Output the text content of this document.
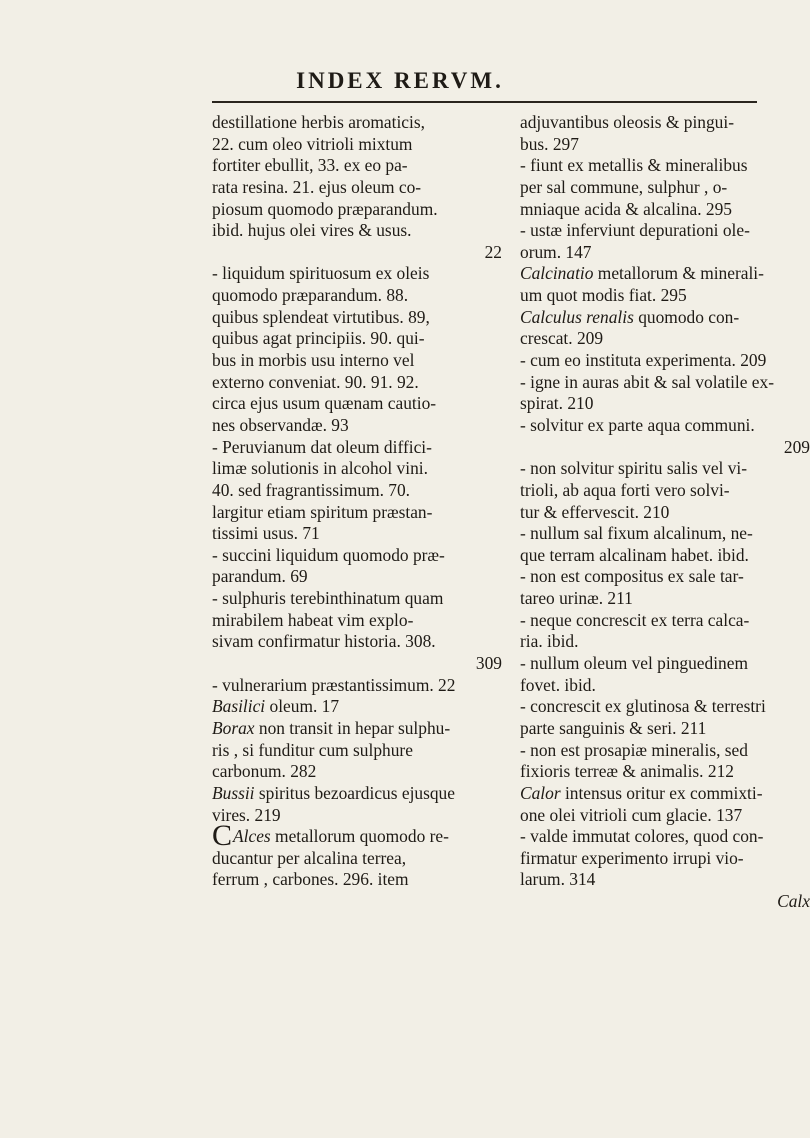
INDEX RERVM.
destillatione herbis aromaticis,
22. cum oleo vitrioli mixtum
fortiter ebullit, 33. ex eo pa-
rata resina. 21. ejus oleum co-
piosum quomodo præparandum.
ibid. hujus olei vires & usus.
22
- liquidum spirituosum ex oleis
quomodo præparandum. 88.
quibus splendeat virtutibus. 89,
quibus agat principiis. 90. qui-
bus in morbis usu interno vel
externo conveniat. 90. 91. 92.
circa ejus usum quænam cautio-
nes observandæ. 93
- Peruvianum dat oleum diffici-
limæ solutionis in alcohol vini.
40. sed fragrantissimum. 70.
largitur etiam spiritum præstan-
tissimi usus. 71
- succini liquidum quomodo præ-
parandum. 69
- sulphuris terebinthinatum quam
mirabilem habeat vim explo-
sivam confirmatur historia. 308.
309
- vulnerarium præstantissimum. 22
Basilici oleum. 17
Borax non transit in hepar sulphu-
ris , si funditur cum sulphure
carbonum. 282
Bussii spiritus bezoardicus ejusque
vires. 219
C Alces metallorum quomodo re-
ducantur per alcalina terrea,
ferrum , carbones. 296. item
adjuvantibus oleosis & pingui-
bus. 297
- fiunt ex metallis & mineralibus
per sal commune, sulphur , o-
mniaque acida & alcalina. 295
- ustæ inferviunt depurationi ole-
orum. 147
Calcinatio metallorum & minerali-
um quot modis fiat. 295
Calculus renalis quomodo con-
crescat. 209
- cum eo institutа experimenta. 209
- igne in auras abit & sal volatile ex-
spirat. 210
- solvitur ex parte aqua communi.
209
- non solvitur spiritu salis vel vi-
trioli, ab aqua forti vero solvi-
tur & effervescit. 210
- nullum sal fixum alcalinum, ne-
que terram alcalinam habet. ibid.
- non est compositus ex sale tar-
tareo urinæ. 211
- neque concrescit ex terra calca-
ria. ibid.
- nullum oleum vel pinguedinem
fovet. ibid.
- concrescit ex glutinosa & terrestri
parte sanguinis & seri. 211
- non est prosapiæ mineralis, sed
fixioris terreæ & animalis. 212
Calor intensus oritur ex commixti-
one olei vitrioli cum glacie. 137
- valde immutat colores, quod con-
firmatur experimento irrupi vio-
larum. 314
Calx
